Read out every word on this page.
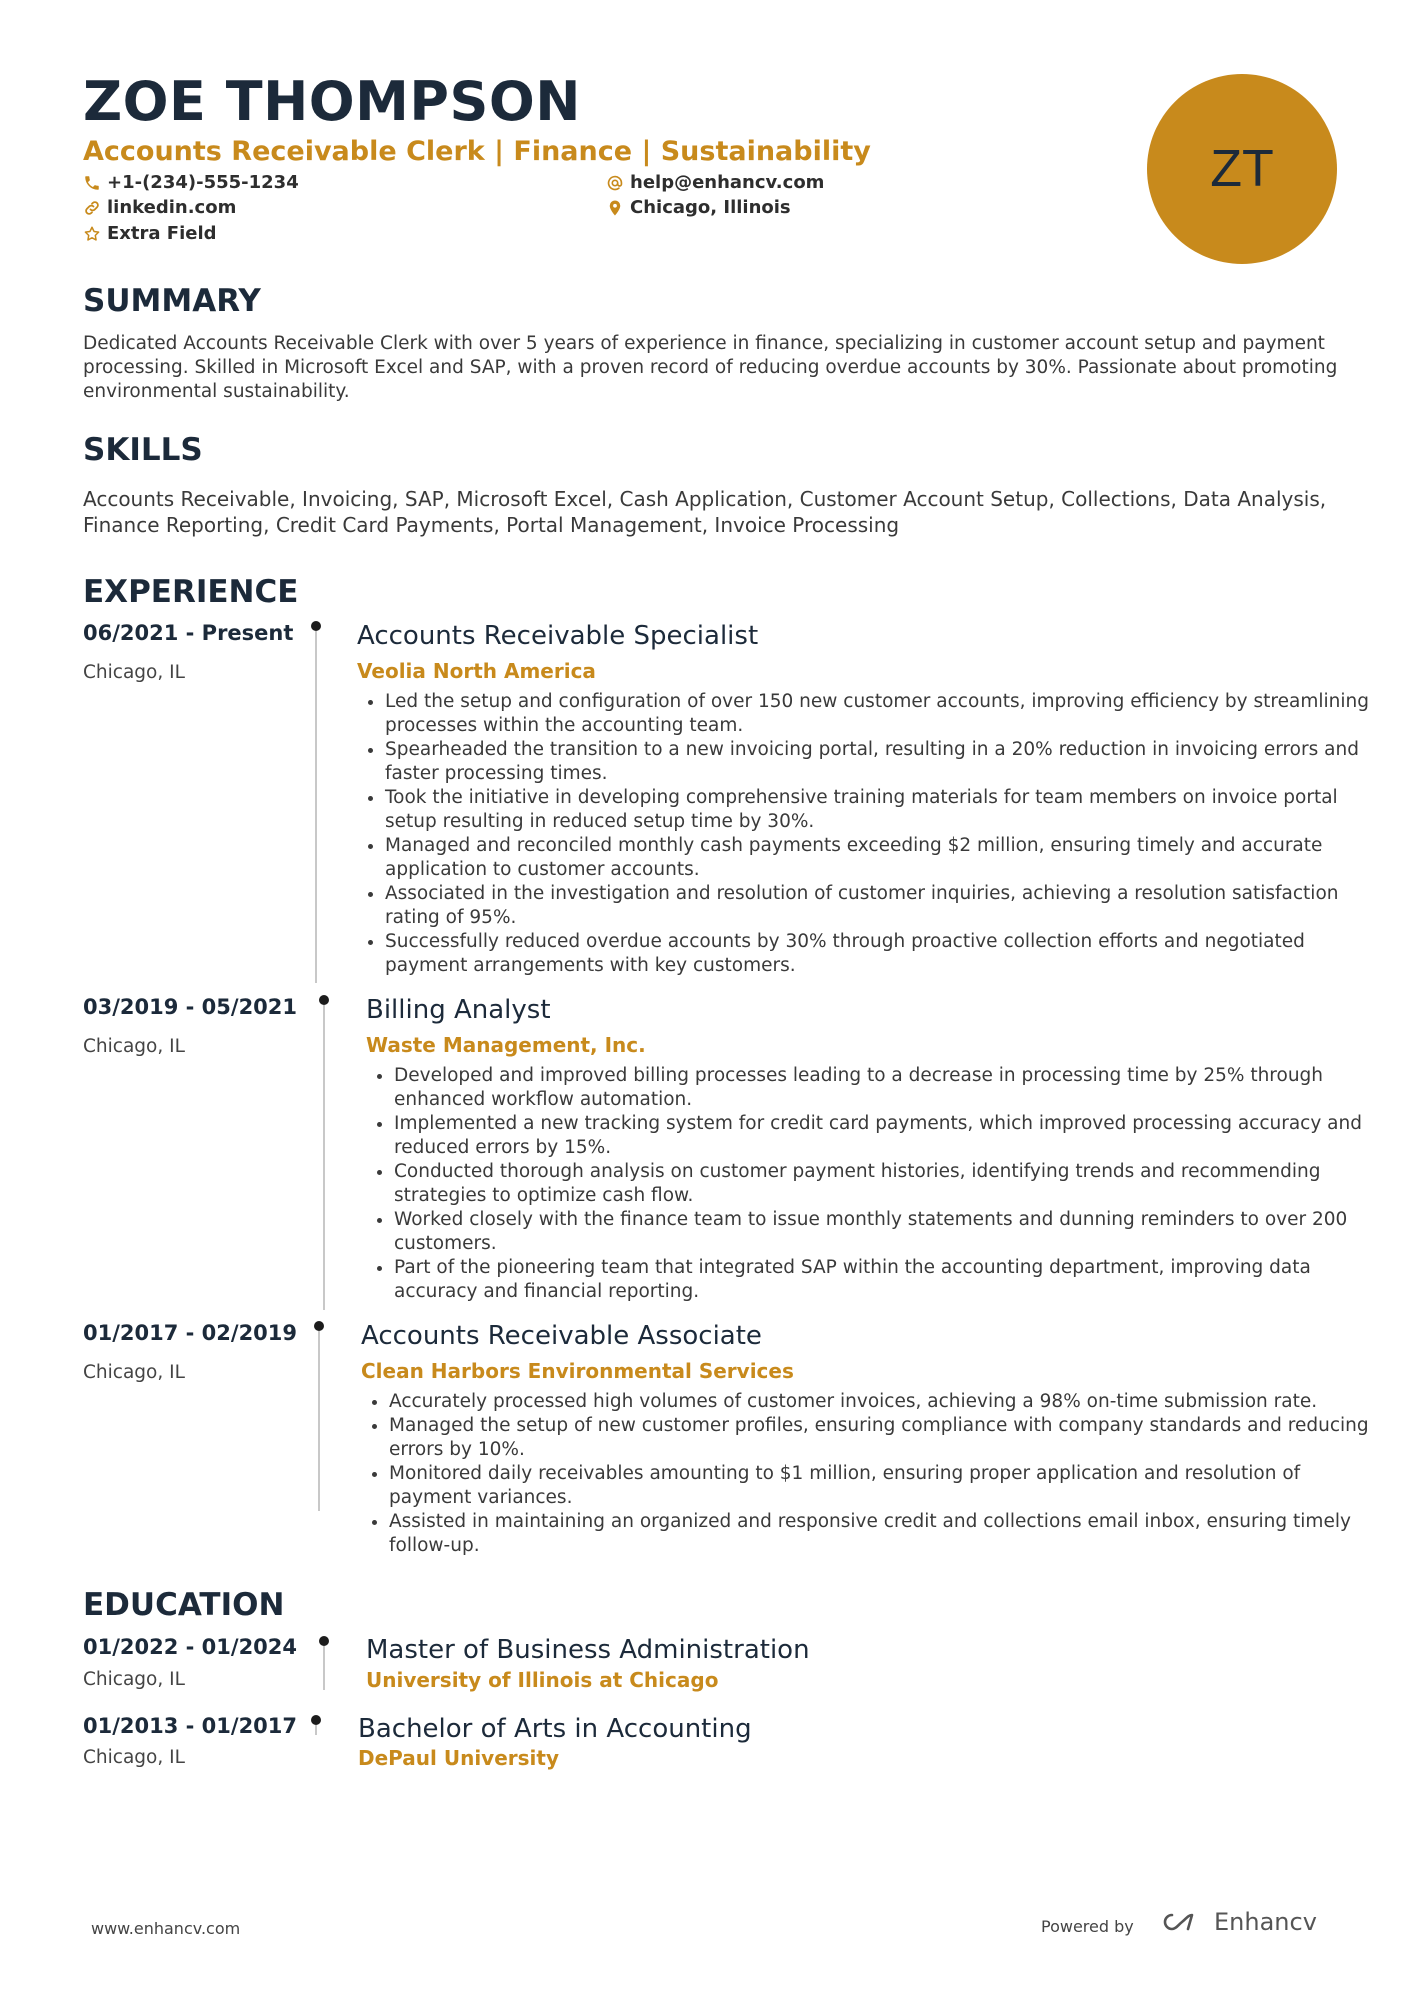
ZOE THOMPSON
Accounts Receivable Clerk | Finance | Sustainability
+1-(234)-555-1234
linkedin.com
Extra Field
help@enhancv.com
Chicago, Illinois
ZT
SUMMARY
Dedicated Accounts Receivable Clerk with over 5 years of experience in finance, specializing in customer account setup and payment processing. Skilled in Microsoft Excel and SAP, with a proven record of reducing overdue accounts by 30%. Passionate about promoting environmental sustainability.
SKILLS
Accounts Receivable, Invoicing, SAP, Microsoft Excel, Cash Application, Customer Account Setup, Collections, Data Analysis, Finance Reporting, Credit Card Payments, Portal Management, Invoice Processing
EXPERIENCE
06/2021 - Present
Chicago, IL
Accounts Receivable Specialist
Veolia North America
• Led the setup and configuration of over 150 new customer accounts, improving efficiency by streamlining processes within the accounting team.
• Spearheaded the transition to a new invoicing portal, resulting in a 20% reduction in invoicing errors and faster processing times.
• Took the initiative in developing comprehensive training materials for team members on invoice portal setup resulting in reduced setup time by 30%.
• Managed and reconciled monthly cash payments exceeding $2 million, ensuring timely and accurate application to customer accounts.
• Associated in the investigation and resolution of customer inquiries, achieving a resolution satisfaction rating of 95%.
• Successfully reduced overdue accounts by 30% through proactive collection efforts and negotiated payment arrangements with key customers.
03/2019 - 05/2021
Chicago, IL
Billing Analyst
Waste Management, Inc.
• Developed and improved billing processes leading to a decrease in processing time by 25% through enhanced workflow automation.
• Implemented a new tracking system for credit card payments, which improved processing accuracy and reduced errors by 15%.
• Conducted thorough analysis on customer payment histories, identifying trends and recommending strategies to optimize cash flow.
• Worked closely with the finance team to issue monthly statements and dunning reminders to over 200 customers.
• Part of the pioneering team that integrated SAP within the accounting department, improving data accuracy and financial reporting.
01/2017 - 02/2019
Chicago, IL
Accounts Receivable Associate
Clean Harbors Environmental Services
• Accurately processed high volumes of customer invoices, achieving a 98% on-time submission rate.
• Managed the setup of new customer profiles, ensuring compliance with company standards and reducing errors by 10%.
• Monitored daily receivables amounting to $1 million, ensuring proper application and resolution of payment variances.
• Assisted in maintaining an organized and responsive credit and collections email inbox, ensuring timely follow-up.
EDUCATION
01/2022 - 01/2024
Chicago, IL
Master of Business Administration
University of Illinois at Chicago
01/2013 - 01/2017
Chicago, IL
Bachelor of Arts in Accounting
DePaul University
www.enhancv.com	Powered by	Enhancv
